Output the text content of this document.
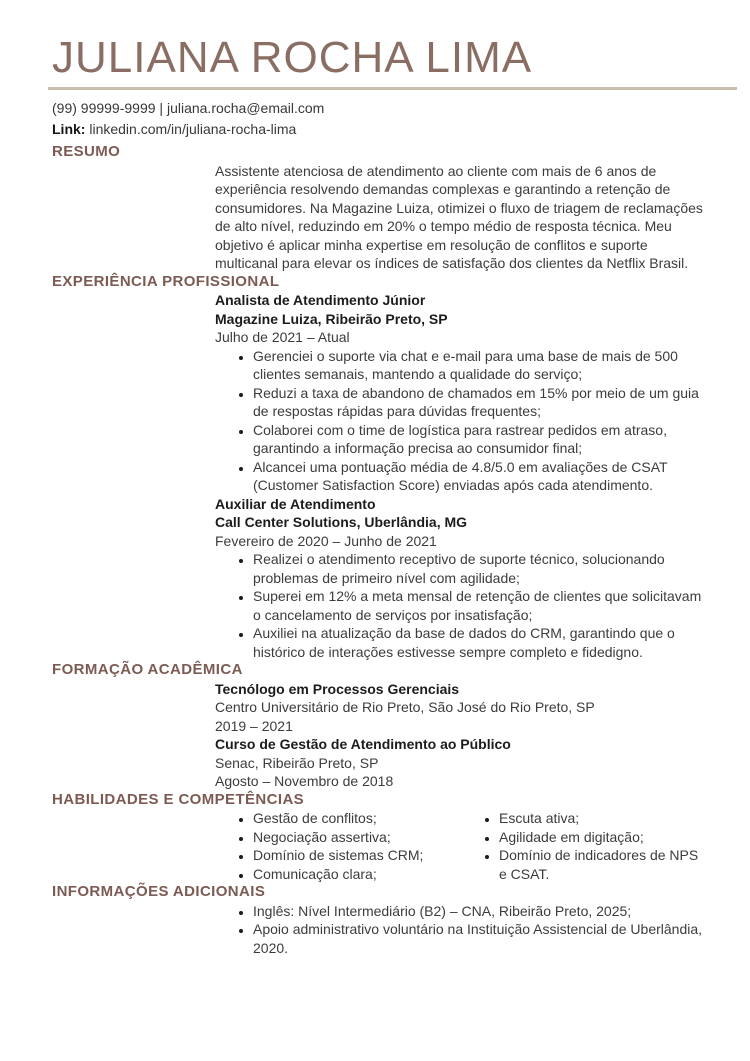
JULIANA ROCHA LIMA
(99) 99999-9999 | juliana.rocha@email.com
Link: linkedin.com/in/juliana-rocha-lima
RESUMO

Assistente atenciosa de atendimento ao cliente com mais de 6 anos de experiência resolvendo demandas complexas e garantindo a retenção de consumidores. Na Magazine Luiza, otimizei o fluxo de triagem de reclamações de alto nível, reduzindo em 20% o tempo médio de resposta técnica. Meu objetivo é aplicar minha expertise em resolução de conflitos e suporte multicanal para elevar os índices de satisfação dos clientes da Netflix Brasil.

EXPERIÊNCIA PROFISSIONAL
Analista de Atendimento Júnior
Magazine Luiza, Ribeirão Preto, SP
Julho de 2021 – Atual
• Gerenciei o suporte via chat e e-mail para uma base de mais de 500 clientes semanais, mantendo a qualidade do serviço;
• Reduzi a taxa de abandono de chamados em 15% por meio de um guia de respostas rápidas para dúvidas frequentes;
• Colaborei com o time de logística para rastrear pedidos em atraso, garantindo a informação precisa ao consumidor final;
• Alcancei uma pontuação média de 4.8/5.0 em avaliações de CSAT (Customer Satisfaction Score) enviadas após cada atendimento.
Auxiliar de Atendimento
Call Center Solutions, Uberlândia, MG
Fevereiro de 2020 – Junho de 2021
• Realizei o atendimento receptivo de suporte técnico, solucionando problemas de primeiro nível com agilidade;
• Superei em 12% a meta mensal de retenção de clientes que solicitavam o cancelamento de serviços por insatisfação;
• Auxiliei na atualização da base de dados do CRM, garantindo que o histórico de interações estivesse sempre completo e fidedigno.
FORMAÇÃO ACADÊMICA
Tecnólogo em Processos Gerenciais
Centro Universitário de Rio Preto, São José do Rio Preto, SP
2019 – 2021
Curso de Gestão de Atendimento ao Público
Senac, Ribeirão Preto, SP
Agosto – Novembro de 2018
HABILIDADES E COMPETÊNCIAS
• Gestão de conflitos;
• Negociação assertiva;
• Domínio de sistemas CRM;
• Comunicação clara;
• Escuta ativa;
• Agilidade em digitação;
• Domínio de indicadores de NPS e CSAT.
INFORMAÇÕES ADICIONAIS
• Inglês: Nível Intermediário (B2) – CNA, Ribeirão Preto, 2025;
• Apoio administrativo voluntário na Instituição Assistencial de Uberlândia, 2020.
